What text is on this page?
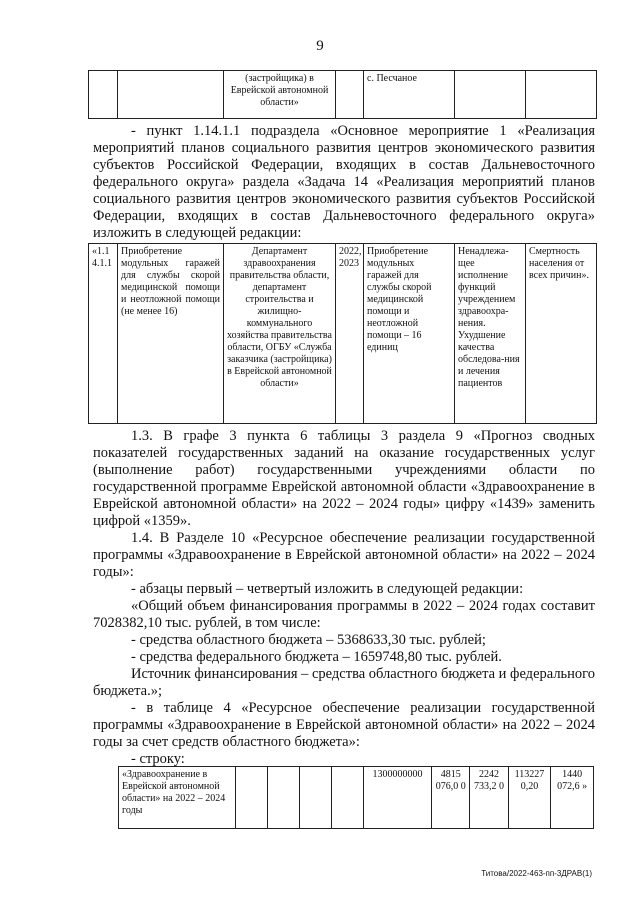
9
		(застройщика) в Еврейской автономной области»		с. Песчаное		

- пункт 1.14.1.1 подраздела «Основное мероприятие 1 «Реализация мероприятий планов социального развития центров экономического развития субъектов Российской Федерации, входящих в состав Дальневосточного федерального округа» раздела «Задача 14 «Реализация мероприятий планов социального развития центров экономического развития субъектов Российской Федерации, входящих в состав Дальневосточного федерального округа» изложить в следующей редакции:

«1.1 4.1.1	Приобретение модульных гаражей для службы скорой медицинской помощи и неотложной помощи (не менее 16)	Департамент здравоохранения правительства области, департамент строительства и жилищно-коммунального хозяйства правительства области, ОГБУ «Служба заказчика (застройщика) в Еврейской автономной области»	2022, 2023	Приобретение модульных гаражей для службы скорой медицинской помощи и неотложной помощи – 16 единиц	Ненадлежа-щее исполнение функций учреждением здравоохра-нения. Ухудшение качества обследова-ния и лечения пациентов	Смертность населения от всех причин».

1.3. В графе 3 пункта 6 таблицы 3 раздела 9 «Прогноз сводных показателей государственных заданий на оказание государственных услуг (выполнение работ) государственными учреждениями области по государственной программе Еврейской автономной области «Здравоохранение в Еврейской автономной области» на 2022 – 2024 годы» цифру «1439» заменить цифрой «1359».

1.4. В Разделе 10 «Ресурсное обеспечение реализации государственной программы «Здравоохранение в Еврейской автономной области» на 2022 – 2024 годы»:

- абзацы первый – четвертый изложить в следующей редакции:

«Общий объем финансирования программы в 2022 – 2024 годах составит 7028382,10 тыс. рублей, в том числе:

- средства областного бюджета – 5368633,30 тыс. рублей;

- средства федерального бюджета – 1659748,80 тыс. рублей.

Источник финансирования – средства областного бюджета и федерального бюджета.»;

- в таблице 4 «Ресурсное обеспечение реализации государственной программы «Здравоохранение в Еврейской автономной области» на 2022 – 2024 годы за счет средств областного бюджета»:

- строку:

«Здравоохранение в Еврейской автономной области» на 2022 – 2024 годы					1300000000	4815 076,0 0	2242 733,2 0	113227 0,20	1440 072,6 »
Титова/2022-463-пп-3ДРАВ(1)
